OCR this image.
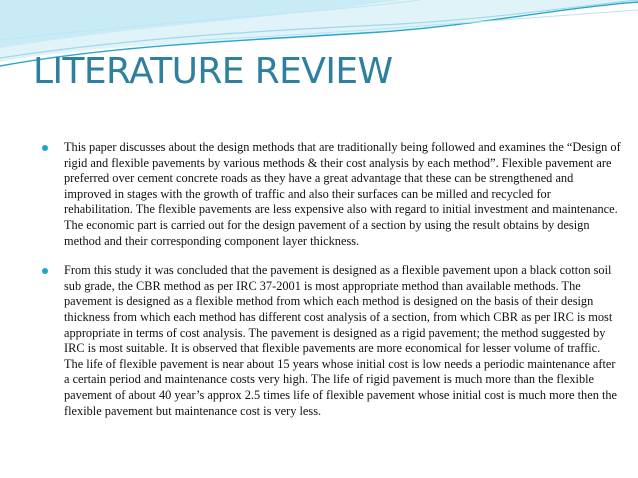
LITERATURE REVIEW
This paper discusses about the design methods that are traditionally being followed and examines the “Design of rigid and flexible pavements by various methods & their cost analysis by each method”. Flexible pavement are preferred over cement concrete roads as they have a great advantage that these can be strengthened and improved in stages with the growth of traffic and also their surfaces can be milled and recycled for rehabilitation. The flexible pavements are less expensive also with regard to initial investment and maintenance. The economic part is carried out for the design pavement of a section by using the result obtains by design method and their corresponding component layer thickness.
From this study it was concluded that the pavement is designed as a flexible pavement upon a black cotton soil sub grade, the CBR method as per IRC 37-2001 is most appropriate method than available methods. The pavement is designed as a flexible method from which each method is designed on the basis of their design thickness from which each method has different cost analysis of a section, from which CBR as per IRC is most appropriate in terms of cost analysis. The pavement is designed as a rigid pavement; the method suggested by IRC is most suitable. It is observed that flexible pavements are more economical for lesser volume of traffic. The life of flexible pavement is near about 15 years whose initial cost is low needs a periodic maintenance after a certain period and maintenance costs very high. The life of rigid pavement is much more than the flexible pavement of about 40 year’s approx 2.5 times life of flexible pavement whose initial cost is much more then the flexible pavement but maintenance cost is very less.
